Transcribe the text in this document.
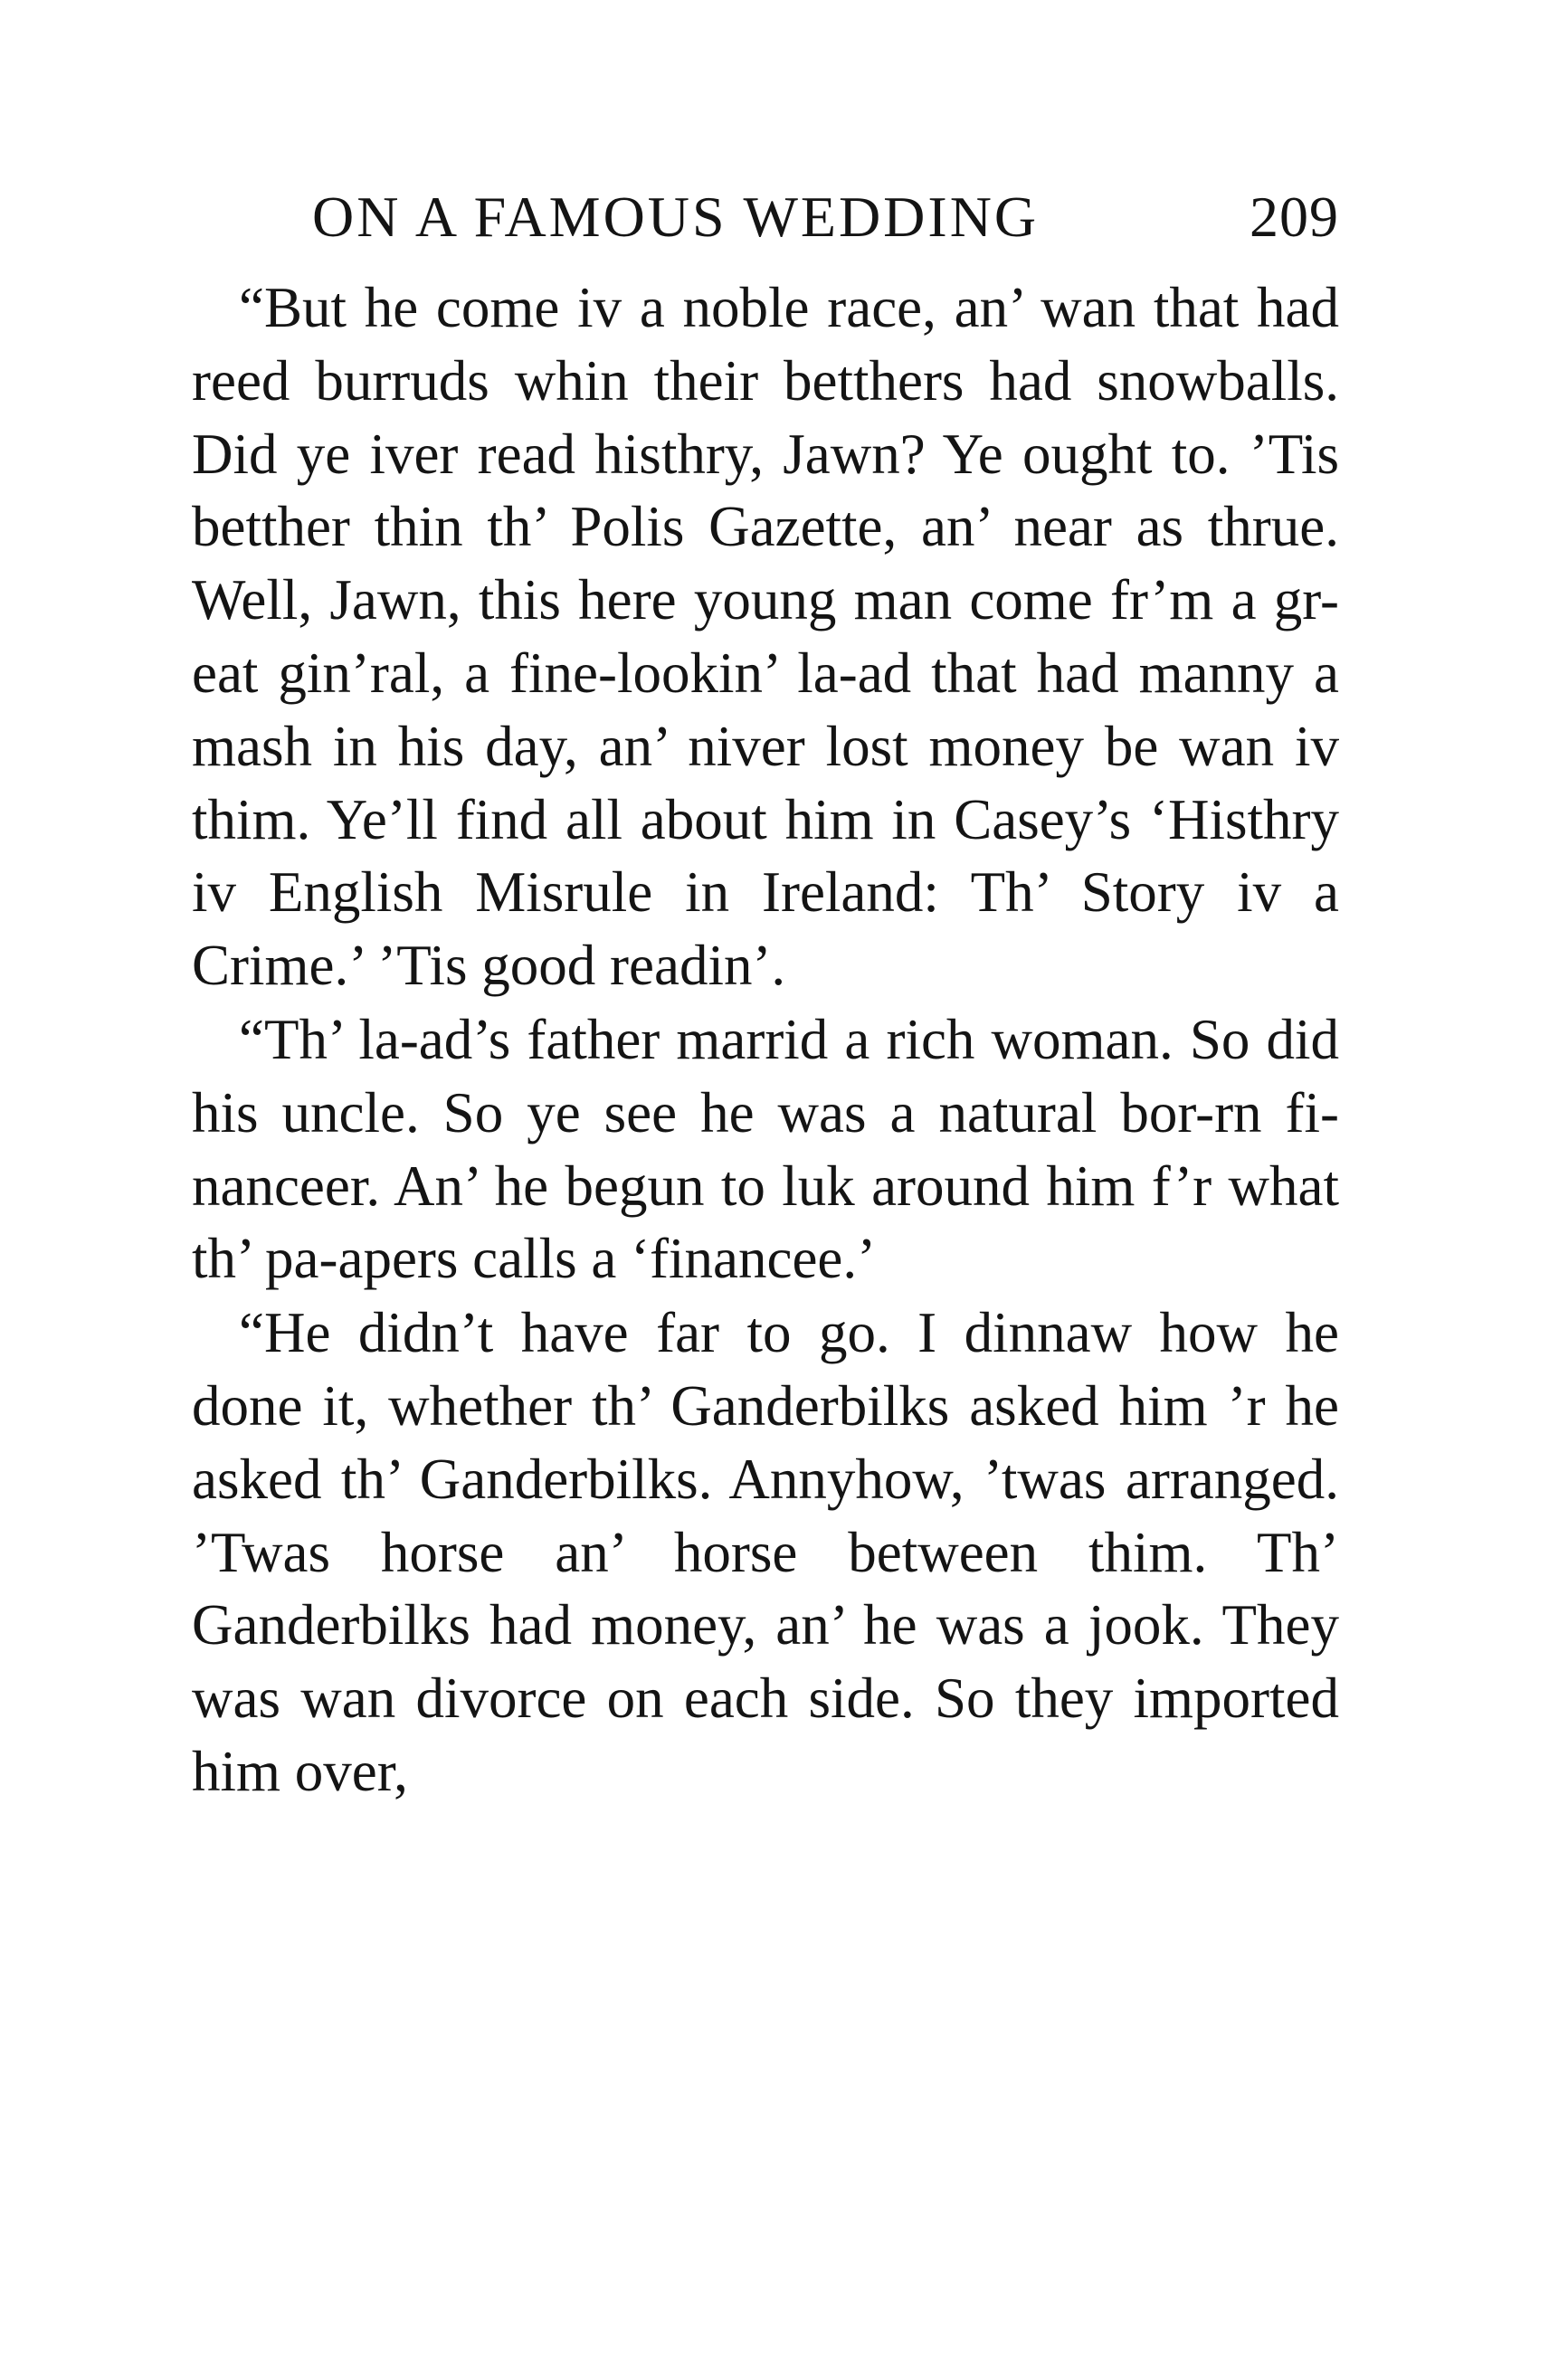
ON A FAMOUS WEDDING	209

“But he come iv a noble race, an’ wan that had reed burruds whin their betthers had snowballs. Did ye iver read histhry, Jawn? Ye ought to. ’Tis betther thin th’ Polis Gazette, an’ near as thrue. Well, Jawn, this here young man come fr’m a gr-eat gin’ral, a fine-lookin’ la-ad that had manny a mash in his day, an’ niver lost money be wan iv thim. Ye’ll find all about him in Casey’s ‘Histhry iv English Misrule in Ireland: Th’ Story iv a Crime.’ ’Tis good readin’.

“Th’ la-ad’s father marrid a rich woman. So did his uncle. So ye see he was a natural bor-rn fi-nanceer. An’ he begun to luk around him f’r what th’ pa-apers calls a ‘financee.’

“He didn’t have far to go. I dinnaw how he done it, whether th’ Ganderbilks asked him ’r he asked th’ Ganderbilks. Annyhow, ’twas arranged. ’Twas horse an’ horse between thim. Th’ Ganderbilks had money, an’ he was a jook. They was wan divorce on each side. So they imported him over,
